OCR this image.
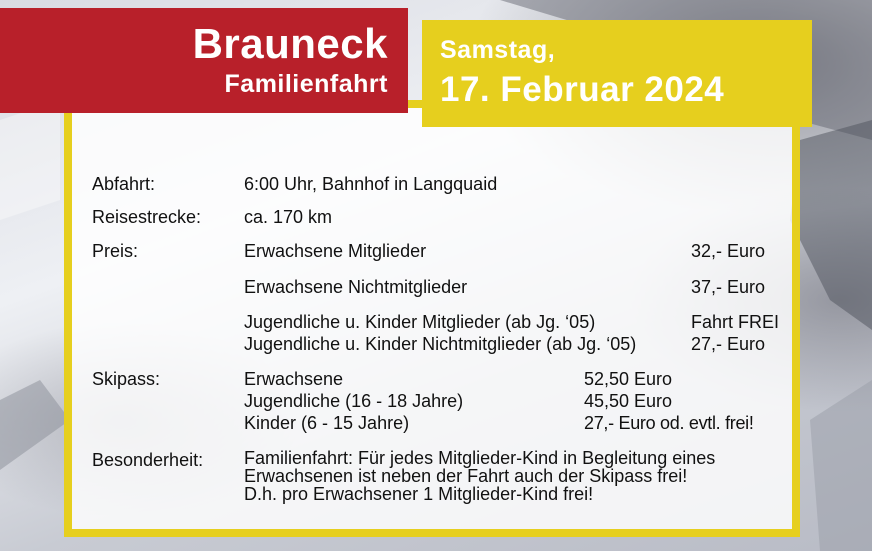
Brauneck
Familienfahrt
Samstag,
17. Februar 2024
Abfahrt:	6:00 Uhr, Bahnhof in Langquaid
Reisestrecke: ca. 170 km
Preis:	Erwachsene Mitglieder	32,- Euro
Erwachsene Nichtmitglieder	37,- Euro
Jugendliche u. Kinder Mitglieder (ab Jg. ‘05)	Fahrt FREI
Jugendliche u. Kinder Nichtmitglieder (ab Jg. ‘05)	27,- Euro
Skipass:	Erwachsene	52,50 Euro
Jugendliche (16 - 18 Jahre)	45,50 Euro
Kinder (6 - 15 Jahre)	27,- Euro od. evtl. frei!
Besonderheit: Familienfahrt: Für jedes Mitglieder-Kind in Begleitung eines
Erwachsenen ist neben der Fahrt auch der Skipass frei!
D.h. pro Erwachsener 1 Mitglieder-Kind frei!
